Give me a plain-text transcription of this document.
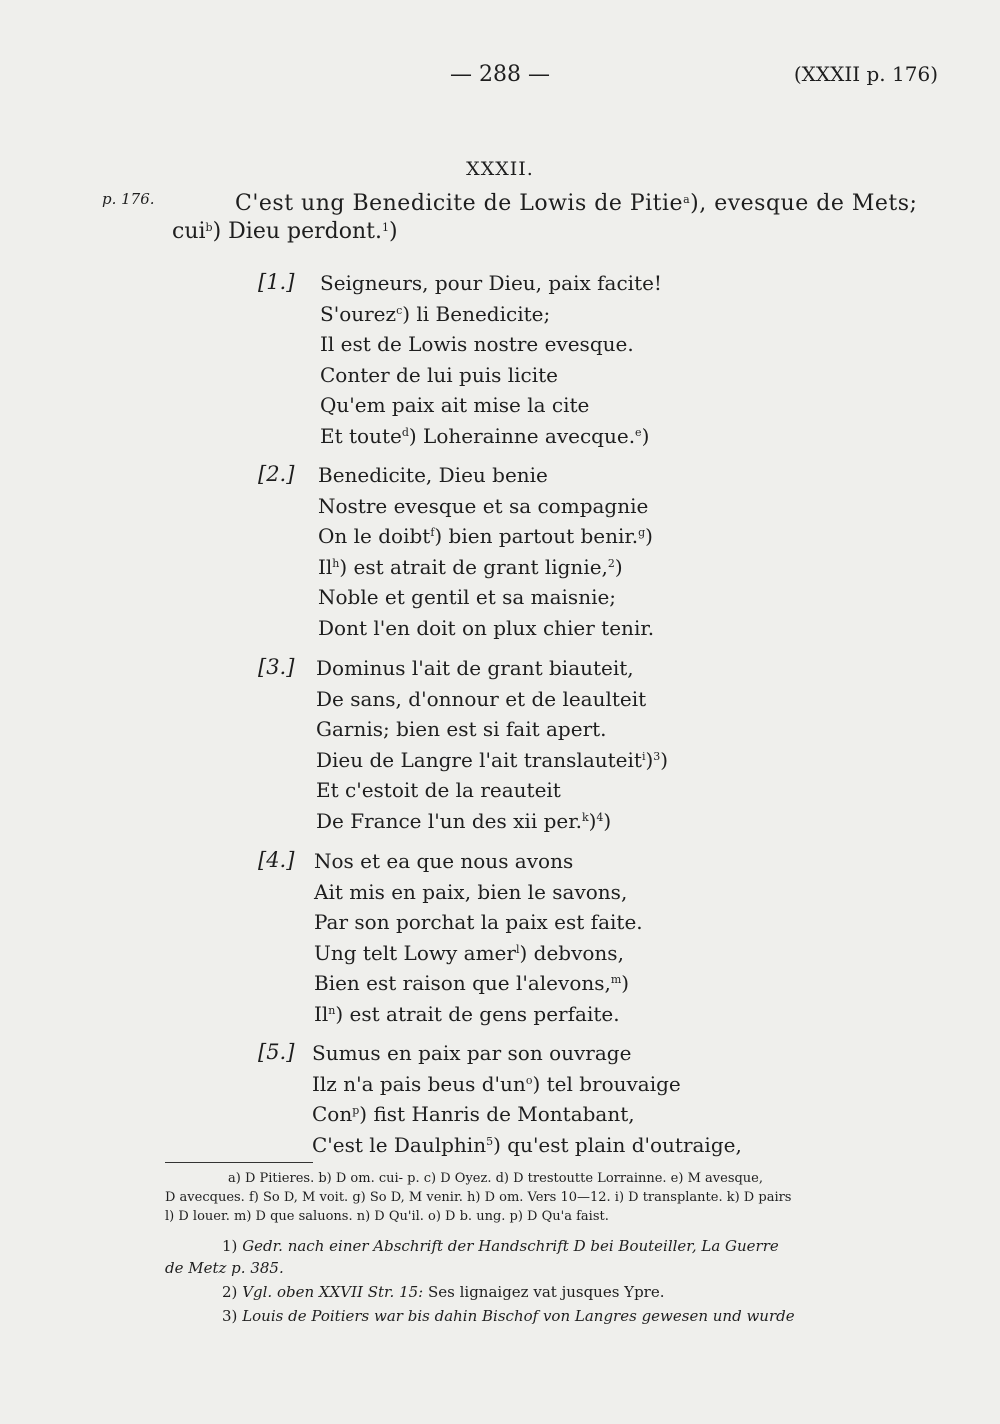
— 288 —	(XXXII p. 176)
XXXII.
p. 176.	C'est ung Benedicite de Lowis de Pitie$^a$), evesque de Mets;
cui$^b$) Dieu perdont.$^1$)
[1.] Seigneurs, pour Dieu, paix facite!
S'ourez$^c$) li Benedicite;
Il est de Lowis nostre evesque.
Conter de lui puis licite
Qu'em paix ait mise la cite
Et toute$^d$) Loherainne avecque.$^e$)
[2.] Benedicite, Dieu benie
Nostre evesque et sa compagnie
On le doibt$^f$) bien partout benir.$^g$)
Il$^h$) est atrait de grant lignie,$^2$)
Noble et gentil et sa maisnie;
Dont l'en doit on plux chier tenir.
[3.] Dominus l'ait de grant biauteit,
De sans, d'onnour et de leaulteit
Garnis; bien est si fait apert.
Dieu de Langre l'ait translauteit$^i$)$^3$)
Et c'estoit de la reauteit
De France l'un des xii per.$^k$)$^4$)
[4.] Nos et ea que nous avons
Ait mis en paix, bien le savons,
Par son porchat la paix est faite.
Ung telt Lowy amer$^l$) debvons,
Bien est raison que l'alevons,$^m$)
Il$^n$) est atrait de gens perfaite.
[5.] Sumus en paix par son ouvrage
Ilz n'a pais beus $d'un^o$) tel brouvaige
Con$^p$) fist Hanris de Montabant,
C'est le Daulphin$^5$) qu'est plain d'outraige,
a) D Pitieres. b) D om. cui- p. c) D Oyez. d) D trestoutte Lorrainne. e) M avesque,
D avecques. f) So D, M voit. g) So D, M venir. h) D om. Vers 10—12. i) D transplante. k) D pairs
l) D louer. m) D que saluons. n) D Qu'il. o) D b. ung. p) D Qu'a faist.
1) Gedr. nach einer Abschrift der Handschrift D bei Bouteiller, La Guerre
de Metz p. 385.
2) Vgl. oben XXVII Str. 15: Ses lignaigez vat jusques Ypre.
3) Louis de Poitiers war bis dahin Bischof von Langres gewesen und wurde
